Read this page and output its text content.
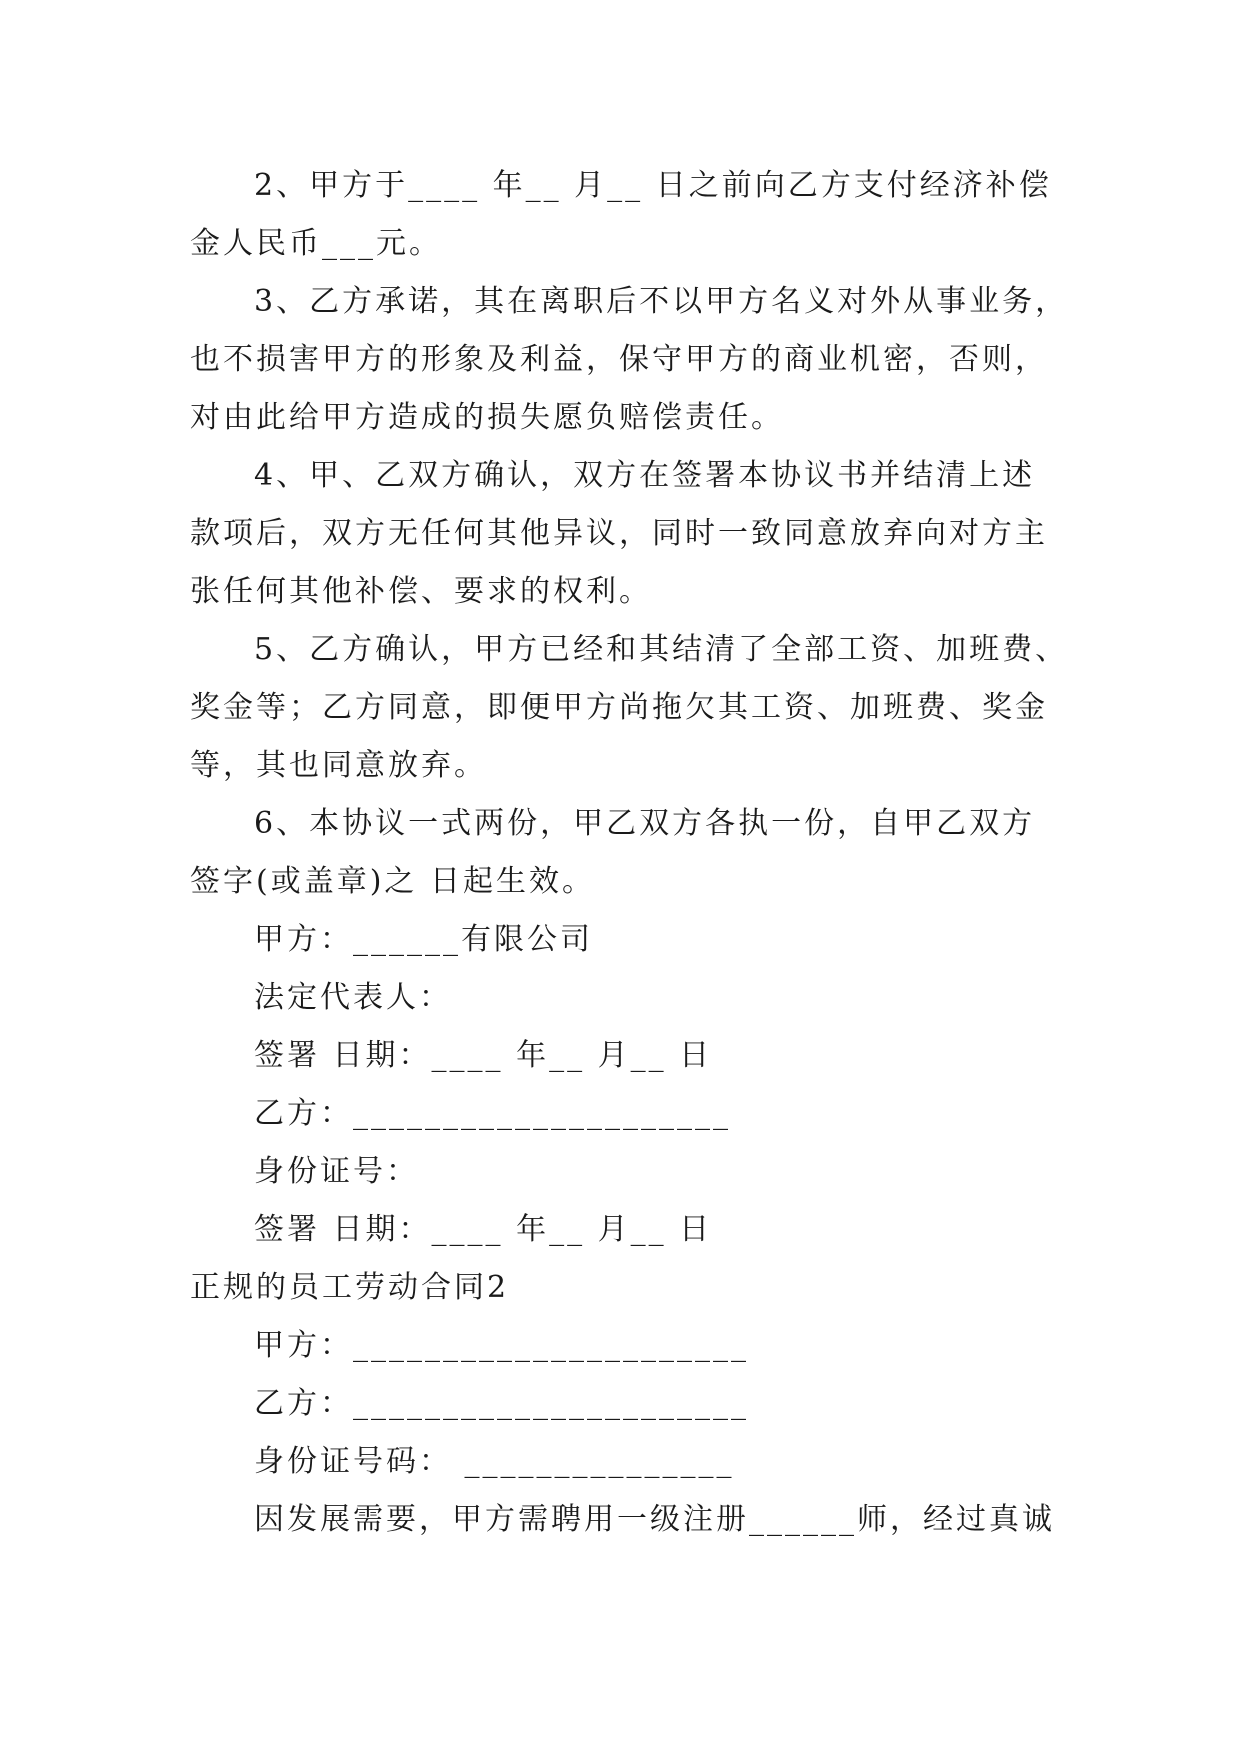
2、甲方于____ 年__ 月__ 日之前向乙方支付经济补偿

金人民币___元。

3、乙方承诺，其在离职后不以甲方名义对外从事业务，

也不损害甲方的形象及利益，保守甲方的商业机密，否则，

对由此给甲方造成的损失愿负赔偿责任。

4、甲、乙双方确认，双方在签署本协议书并结清上述

款项后，双方无任何其他异议，同时一致同意放弃向对方主

张任何其他补偿、要求的权利。

5、乙方确认，甲方已经和其结清了全部工资、加班费、

奖金等；乙方同意，即便甲方尚拖欠其工资、加班费、奖金

等，其也同意放弃。

6、本协议一式两份，甲乙双方各执一份，自甲乙双方

签字(或盖章)之 日起生效。

甲方：______有限公司

法定代表人：

签署 日期：____ 年__ 月__ 日

乙方：_____________________

身份证号：

签署 日期：____ 年__ 月__ 日

正规的员工劳动合同2

甲方：______________________

乙方：______________________

身份证号码： _______________

因发展需要，甲方需聘用一级注册______师，经过真诚
